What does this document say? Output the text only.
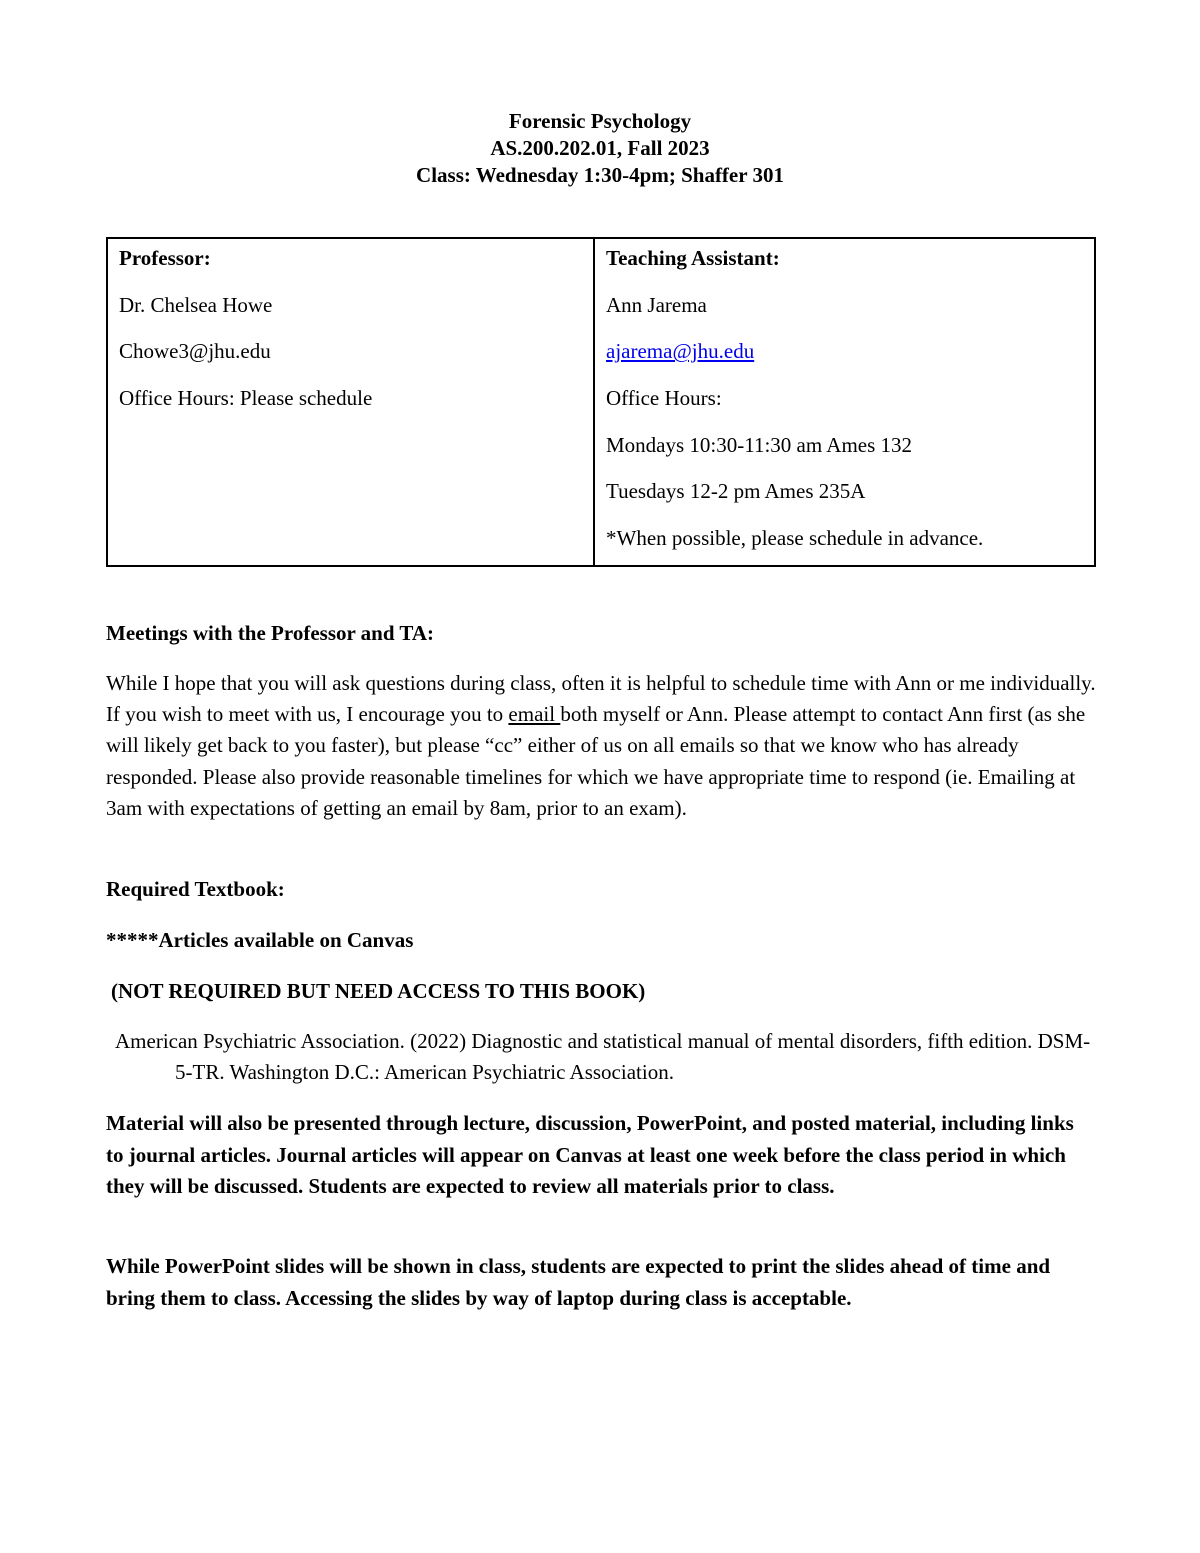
Forensic Psychology
AS.200.202.01, Fall 2023
Class: Wednesday 1:30-4pm; Shaffer 301
Professor:
Dr. Chelsea Howe
Chowe3@jhu.edu
Office Hours: Please schedule
Teaching Assistant:
Ann Jarema
ajarema@jhu.edu
Office Hours:
Mondays 10:30-11:30 am Ames 132
Tuesdays 12-2 pm Ames 235A
*When possible, please schedule in advance.
Meetings with the Professor and TA:
While I hope that you will ask questions during class, often it is helpful to schedule time with Ann or me individually. If you wish to meet with us, I encourage you to email both myself or Ann. Please attempt to contact Ann first (as she will likely get back to you faster), but please “cc” either of us on all emails so that we know who has already responded. Please also provide reasonable timelines for which we have appropriate time to respond (ie. Emailing at 3am with expectations of getting an email by 8am, prior to an exam).
Required Textbook:
*****Articles available on Canvas
(NOT REQUIRED BUT NEED ACCESS TO THIS BOOK)
American Psychiatric Association. (2022) Diagnostic and statistical manual of mental disorders, fifth edition. DSM-5-TR. Washington D.C.: American Psychiatric Association.
Material will also be presented through lecture, discussion, PowerPoint, and posted material, including links to journal articles. Journal articles will appear on Canvas at least one week before the class period in which they will be discussed. Students are expected to review all materials prior to class.
While PowerPoint slides will be shown in class, students are expected to print the slides ahead of time and bring them to class. Accessing the slides by way of laptop during class is acceptable.
